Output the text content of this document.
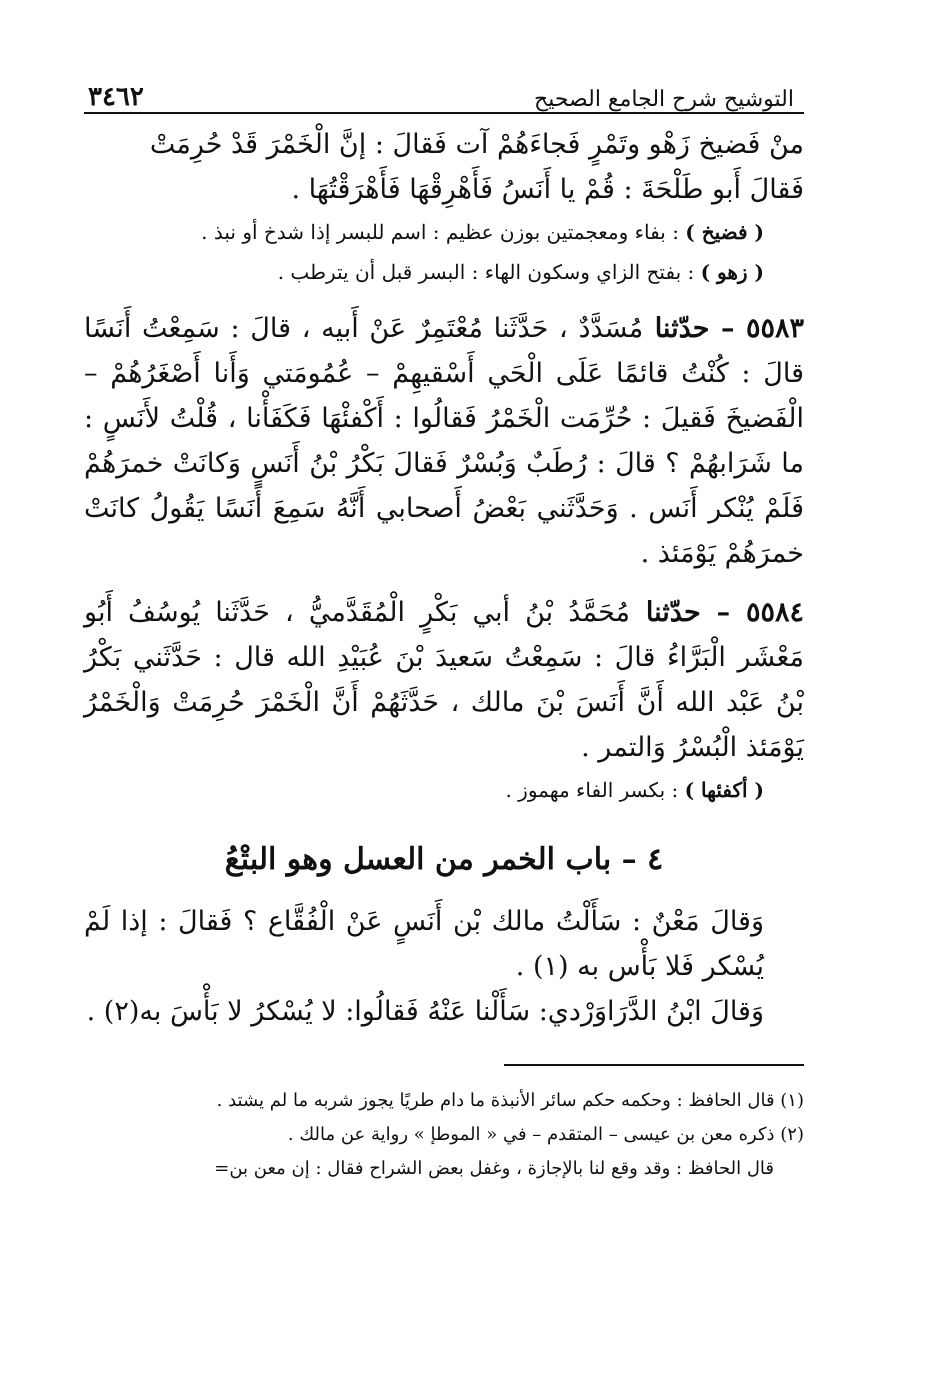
التوشيح شرح الجامع الصحيح
٣٤٦٢

منْ فَضيخ زَهْو وتَمْرٍ فَجاءَهُمْ آت فَقالَ : إنَّ الْخَمْرَ قَدْ حُرِمَتْ

فَقالَ أَبو طَلْحَةَ : قُمْ يا أَنَسُ فَأَهْرِقْهَا فَأَهْرَقْتُهَا .

( فضيخ ) : بفاء ومعجمتين بوزن عظيم : اسم للبسر إذا شدخ أو نبذ .

( زهو ) : بفتح الزاي وسكون الهاء : البسر قبل أن يترطب .

٥٥٨٣ – حدّثنا مُسَدَّدٌ ، حَدَّثَنا مُعْتَمِرٌ عَنْ أَبيه ، قالَ : سَمِعْتُ أَنَسًا قالَ : كُنْتُ قائمًا عَلَى الْحَي أَسْقيهِمْ – عُمُومَتي وَأَنا أَصْغَرُهُمْ – الْفَضيخَ فَقيلَ : حُرِّمَت الْخَمْرُ فَقالُوا : أَكْفئْهَا فَكَفَأْنا ، قُلْتُ لأَنَسٍ : ما شَرَابهُمْ ؟ قالَ : رُطَبٌ وَبُسْرٌ فَقالَ بَكْرُ بْنُ أَنَسٍ وَكانَتْ خمرَهُمْ فَلَمْ يُنْكر أَنَس . وَحَدَّثَني بَعْضُ أَصحابي أَنَّهُ سَمِعَ أَنَسًا يَقُولُ كانَتْ خمرَهُمْ يَوْمَئذ .

٥٥٨٤ – حدّثنا مُحَمَّدُ بْنُ أبي بَكْرٍ الْمُقَدَّميُّ ، حَدَّثَنا يُوسُفُ أَبُو مَعْشَر الْبَرَّاءُ قالَ : سَمِعْتُ سَعيدَ بْنَ عُبَيْدِ الله قال : حَدَّثَني بَكْرُ بْنُ عَبْد الله أَنَّ أَنَسَ بْنَ مالك ، حَدَّثَهُمْ أَنَّ الْخَمْرَ حُرِمَتْ وَالْخَمْرُ يَوْمَئذ الْبُسْرُ وَالتمر .

( أكفئها ) : بكسر الفاء مهموز .

٤ – باب الخمر من العسل وهو البتْعُ

وَقالَ مَعْنٌ : سَأَلْتُ مالك بْن أَنَسٍ عَنْ الْفُقَّاع ؟ فَقالَ : إذا لَمْ يُسْكر فَلا بَأْس به (١) .

وَقالَ ابْنُ الدَّرَاوَرْدي: سَأَلْنا عَنْهُ فَقالُوا: لا يُسْكرُ لا بَأْسَ به(٢) .

(١) قال الحافظ : وحكمه حكم سائر الأنبذة ما دام طريًا يجوز شربه ما لم يشتد .

(٢) ذكره معن بن عيسى – المتقدم – في « الموطإ » رواية عن مالك .

قال الحافظ : وقد وقع لنا بالإجازة ، وغفل بعض الشراح فقال : إن معن بن=
